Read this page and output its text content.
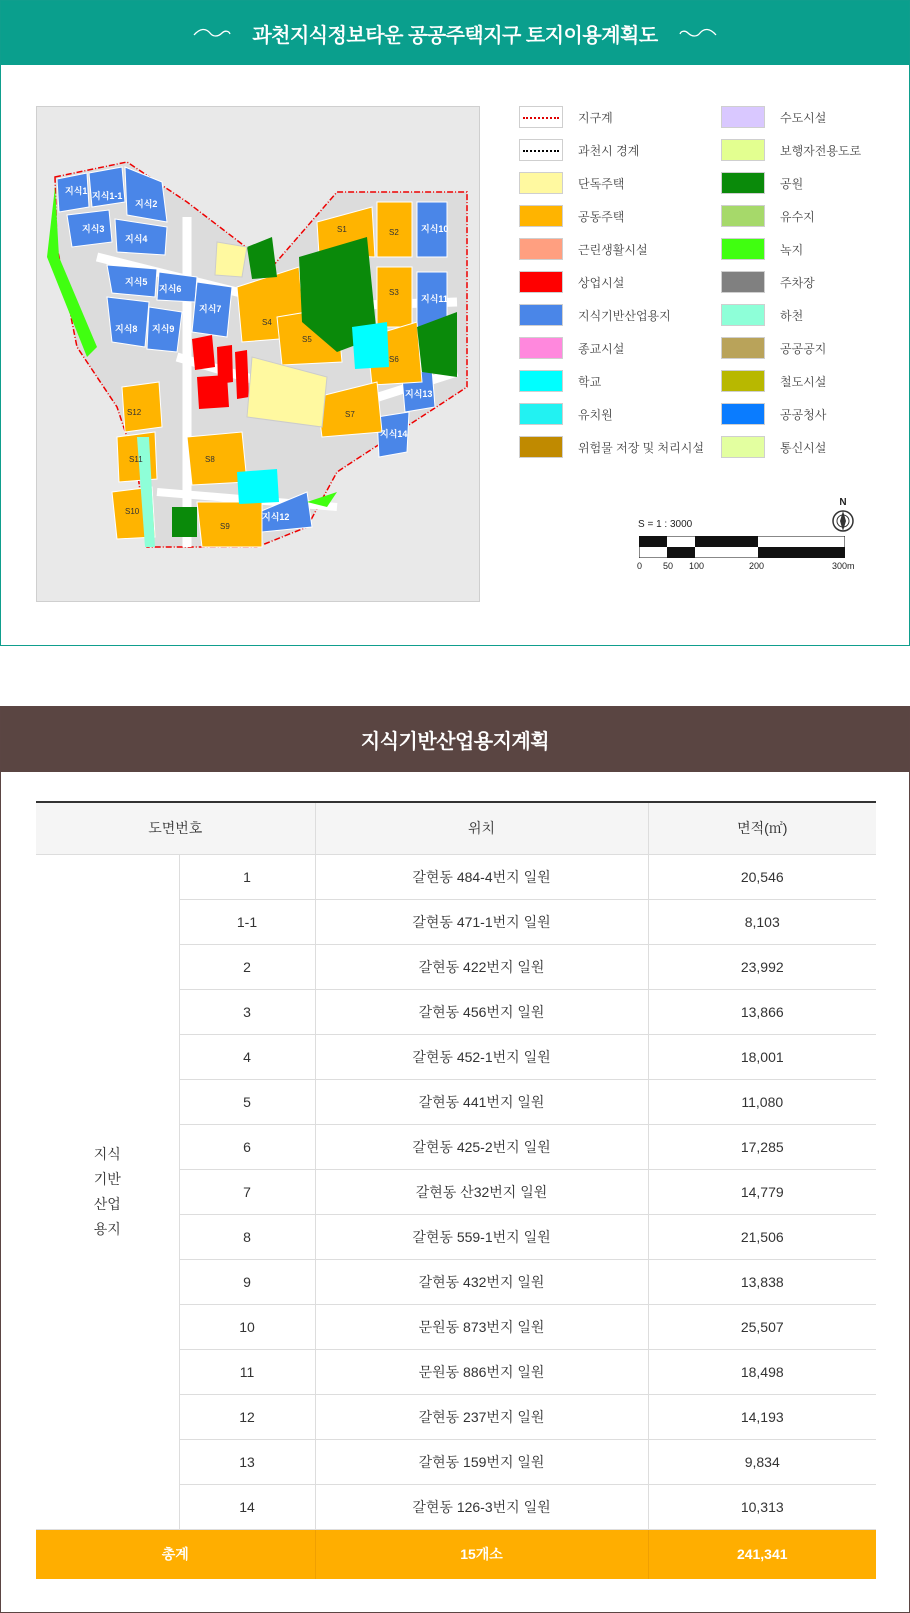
과천지식정보타운 공공주택지구 토지이용계획도
지식1 지식1-1
지식2
지식3
지식4
지식5
지식6
지식7
지식8 지식9
지식10
지식11
지식12
지식13
지식14
S1	S2
S3
S4
S5
S6
S7
S8
S9
S10
S11
S12
지구계
과천시 경계
단독주택
공동주택
근린생활시설
상업시설
지식기반산업용지
종교시설
학교
유치원
위험물 저장 및 처리시설
수도시설
보행자전용도로
공원
유수지
녹지
주차장
하천
공공공지
철도시설
공공청사
통신시설
S = 1 : 3000
N
0 50 100	200	300m
지식기반산업용지계획
도면번호		위치	면적(㎡)

지식
기반
산업
용지	1	갈현동 484-4번지 일원	20,546
	1-1	갈현동 471-1번지 일원	8,103
	2	갈현동 422번지 일원	23,992
	3	갈현동 456번지 일원	13,866
	4	갈현동 452-1번지 일원	18,001
	5	갈현동 441번지 일원	11,080
	6	갈현동 425-2번지 일원	17,285
	7	갈현동 산32번지 일원	14,779
	8	갈현동 559-1번지 일원	21,506
	9	갈현동 432번지 일원	13,838
	10	문원동 873번지 일원	25,507
	11	문원동 886번지 일원	18,498
	12	갈현동 237번지 일원	14,193
	13	갈현동 159번지 일원	9,834
	14	갈현동 126-3번지 일원	10,313
총계		15개소	241,341
